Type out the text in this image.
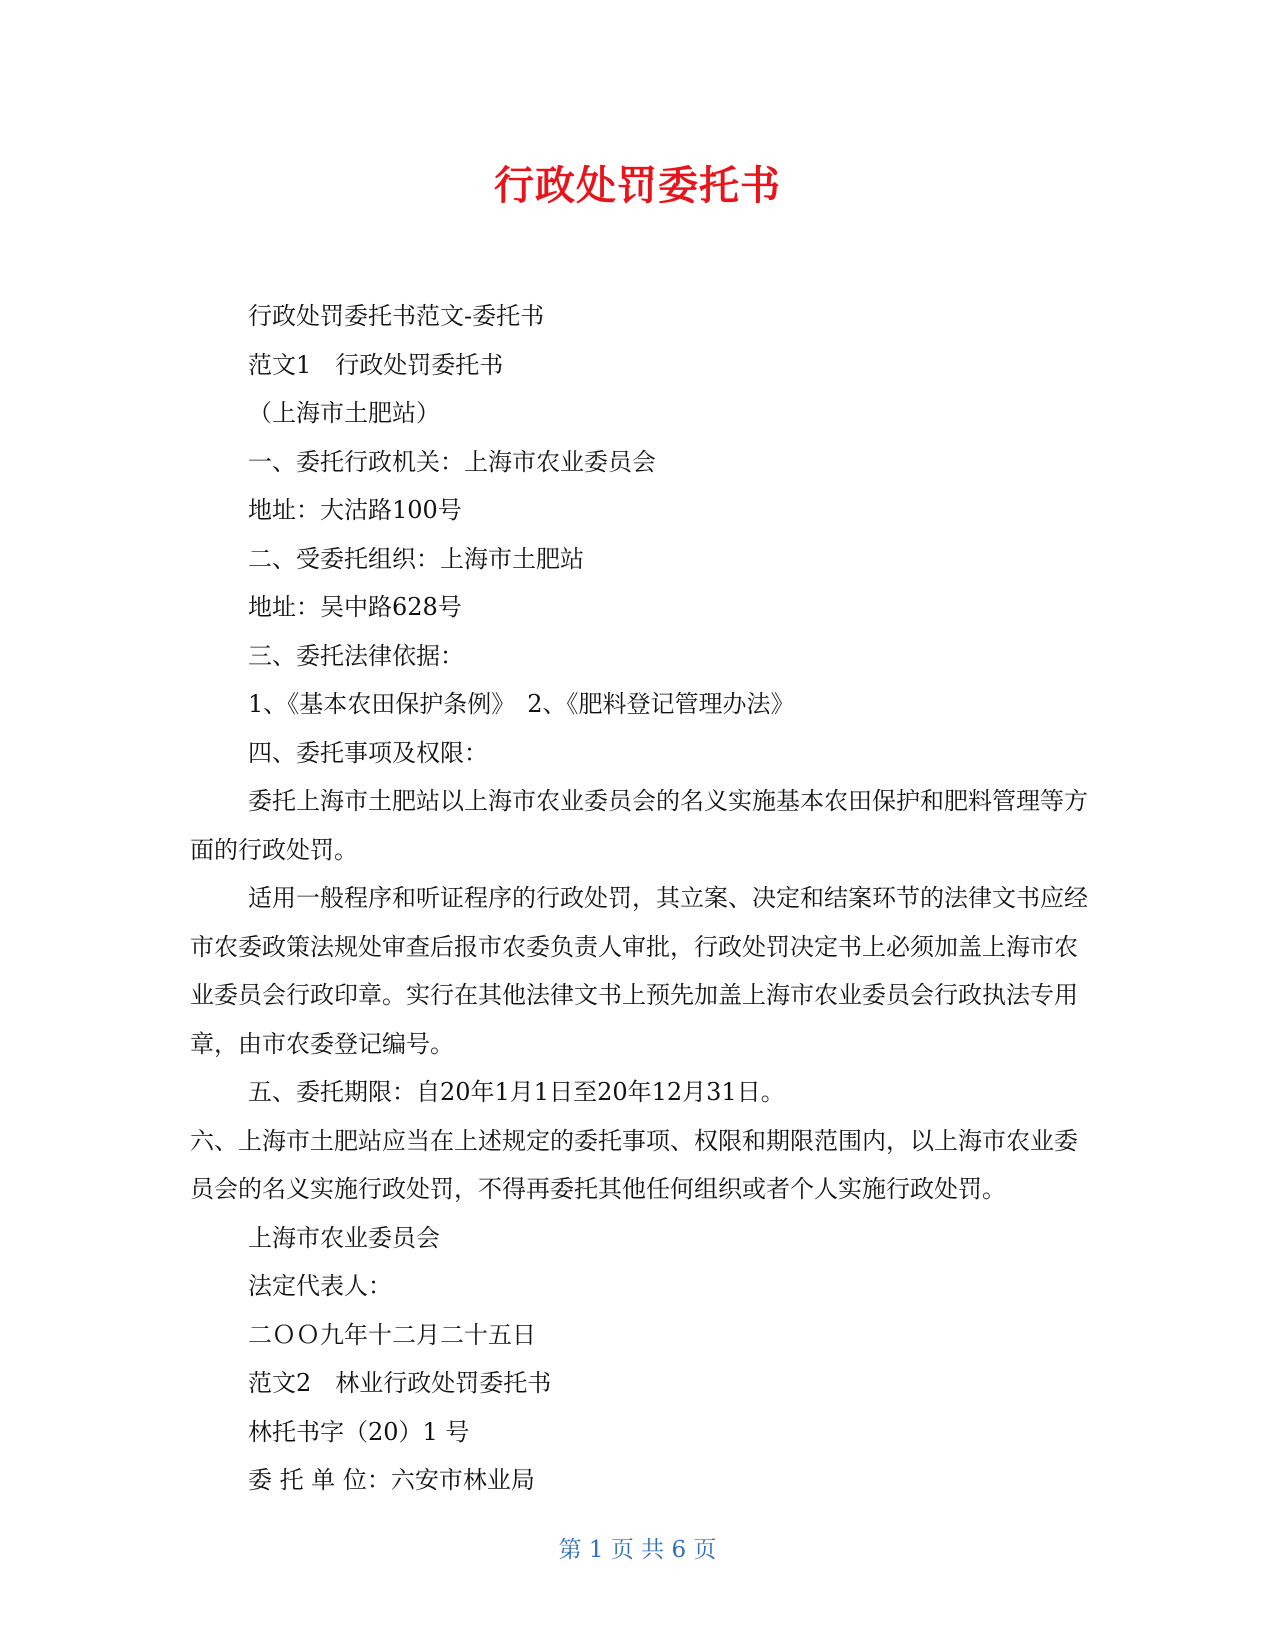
行政处罚委托书

行政处罚委托书范文-委托书

范文1　行政处罚委托书

（上海市土肥站）

一、委托行政机关：上海市农业委员会

地址：大沽路100号

二、受委托组织：上海市土肥站

地址：吴中路628号

三、委托法律依据：

1、《基本农田保护条例》　2、《肥料登记管理办法》

四、委托事项及权限：

委托上海市土肥站以上海市农业委员会的名义实施基本农田保护和肥料管理等方面的行政处罚。

适用一般程序和听证程序的行政处罚，其立案、决定和结案环节的法律文书应经市农委政策法规处审查后报市农委负责人审批，行政处罚决定书上必须加盖上海市农业委员会行政印章。实行在其他法律文书上预先加盖上海市农业委员会行政执法专用章，由市农委登记编号。

五、委托期限：自20年1月1日至20年12月31日。

六、上海市土肥站应当在上述规定的委托事项、权限和期限范围内，以上海市农业委员会的名义实施行政处罚，不得再委托其他任何组织或者个人实施行政处罚。

上海市农业委员会

法定代表人：

二ＯＯ九年十二月二十五日

范文2　林业行政处罚委托书

林托书字（20）1 号

委 托 单 位：六安市林业局

第 1 页 共 6 页
